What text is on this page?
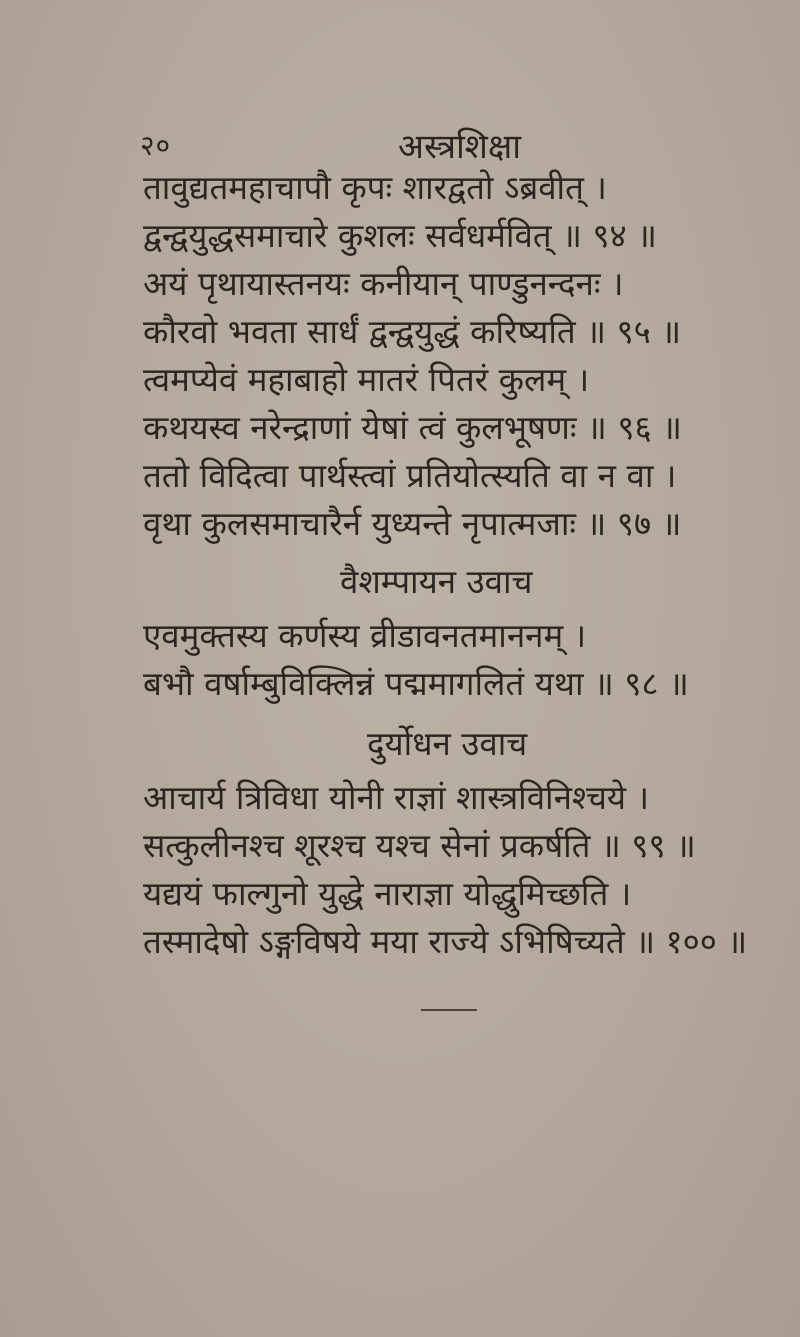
२०	अस्त्रशिक्षा
तावुद्यतमहाचापौ कृपः शारद्वतो ऽब्रवीत् ।
द्वन्द्वयुद्धसमाचारे कुशलः सर्वधर्मवित् ॥ ९४ ॥
अयं पृथायास्तनयः कनीयान् पाण्डुनन्दनः ।
कौरवो भवता सार्धं द्वन्द्वयुद्धं करिष्यति ॥ ९५ ॥
त्वमप्येवं महाबाहो मातरं पितरं कुलम् ।
कथयस्व नरेन्द्राणां येषां त्वं कुलभूषणः ॥ ९६ ॥
ततो विदित्वा पार्थस्त्वां प्रतियोत्स्यति वा न वा ।
वृथा कुलसमाचारैर्न युध्यन्ते नृपात्मजाः ॥ ९७ ॥
वैशम्पायन उवाच
एवमुक्तस्य कर्णस्य व्रीडावनतमाननम् ।
बभौ वर्षाम्बुविक्लिन्नं पद्ममागलितं यथा ॥ ९८ ॥
दुर्योधन उवाच
आचार्य त्रिविधा योनी राज्ञां शास्त्रविनिश्चये ।
सत्कुलीनश्च शूरश्च यश्च सेनां प्रकर्षति ॥ ९९ ॥
यद्ययं फाल्गुनो युद्धे नाराज्ञा योद्धुमिच्छति ।
तस्मादेषो ऽङ्गविषये मया राज्ये ऽभिषिच्यते ॥ १०० ॥
